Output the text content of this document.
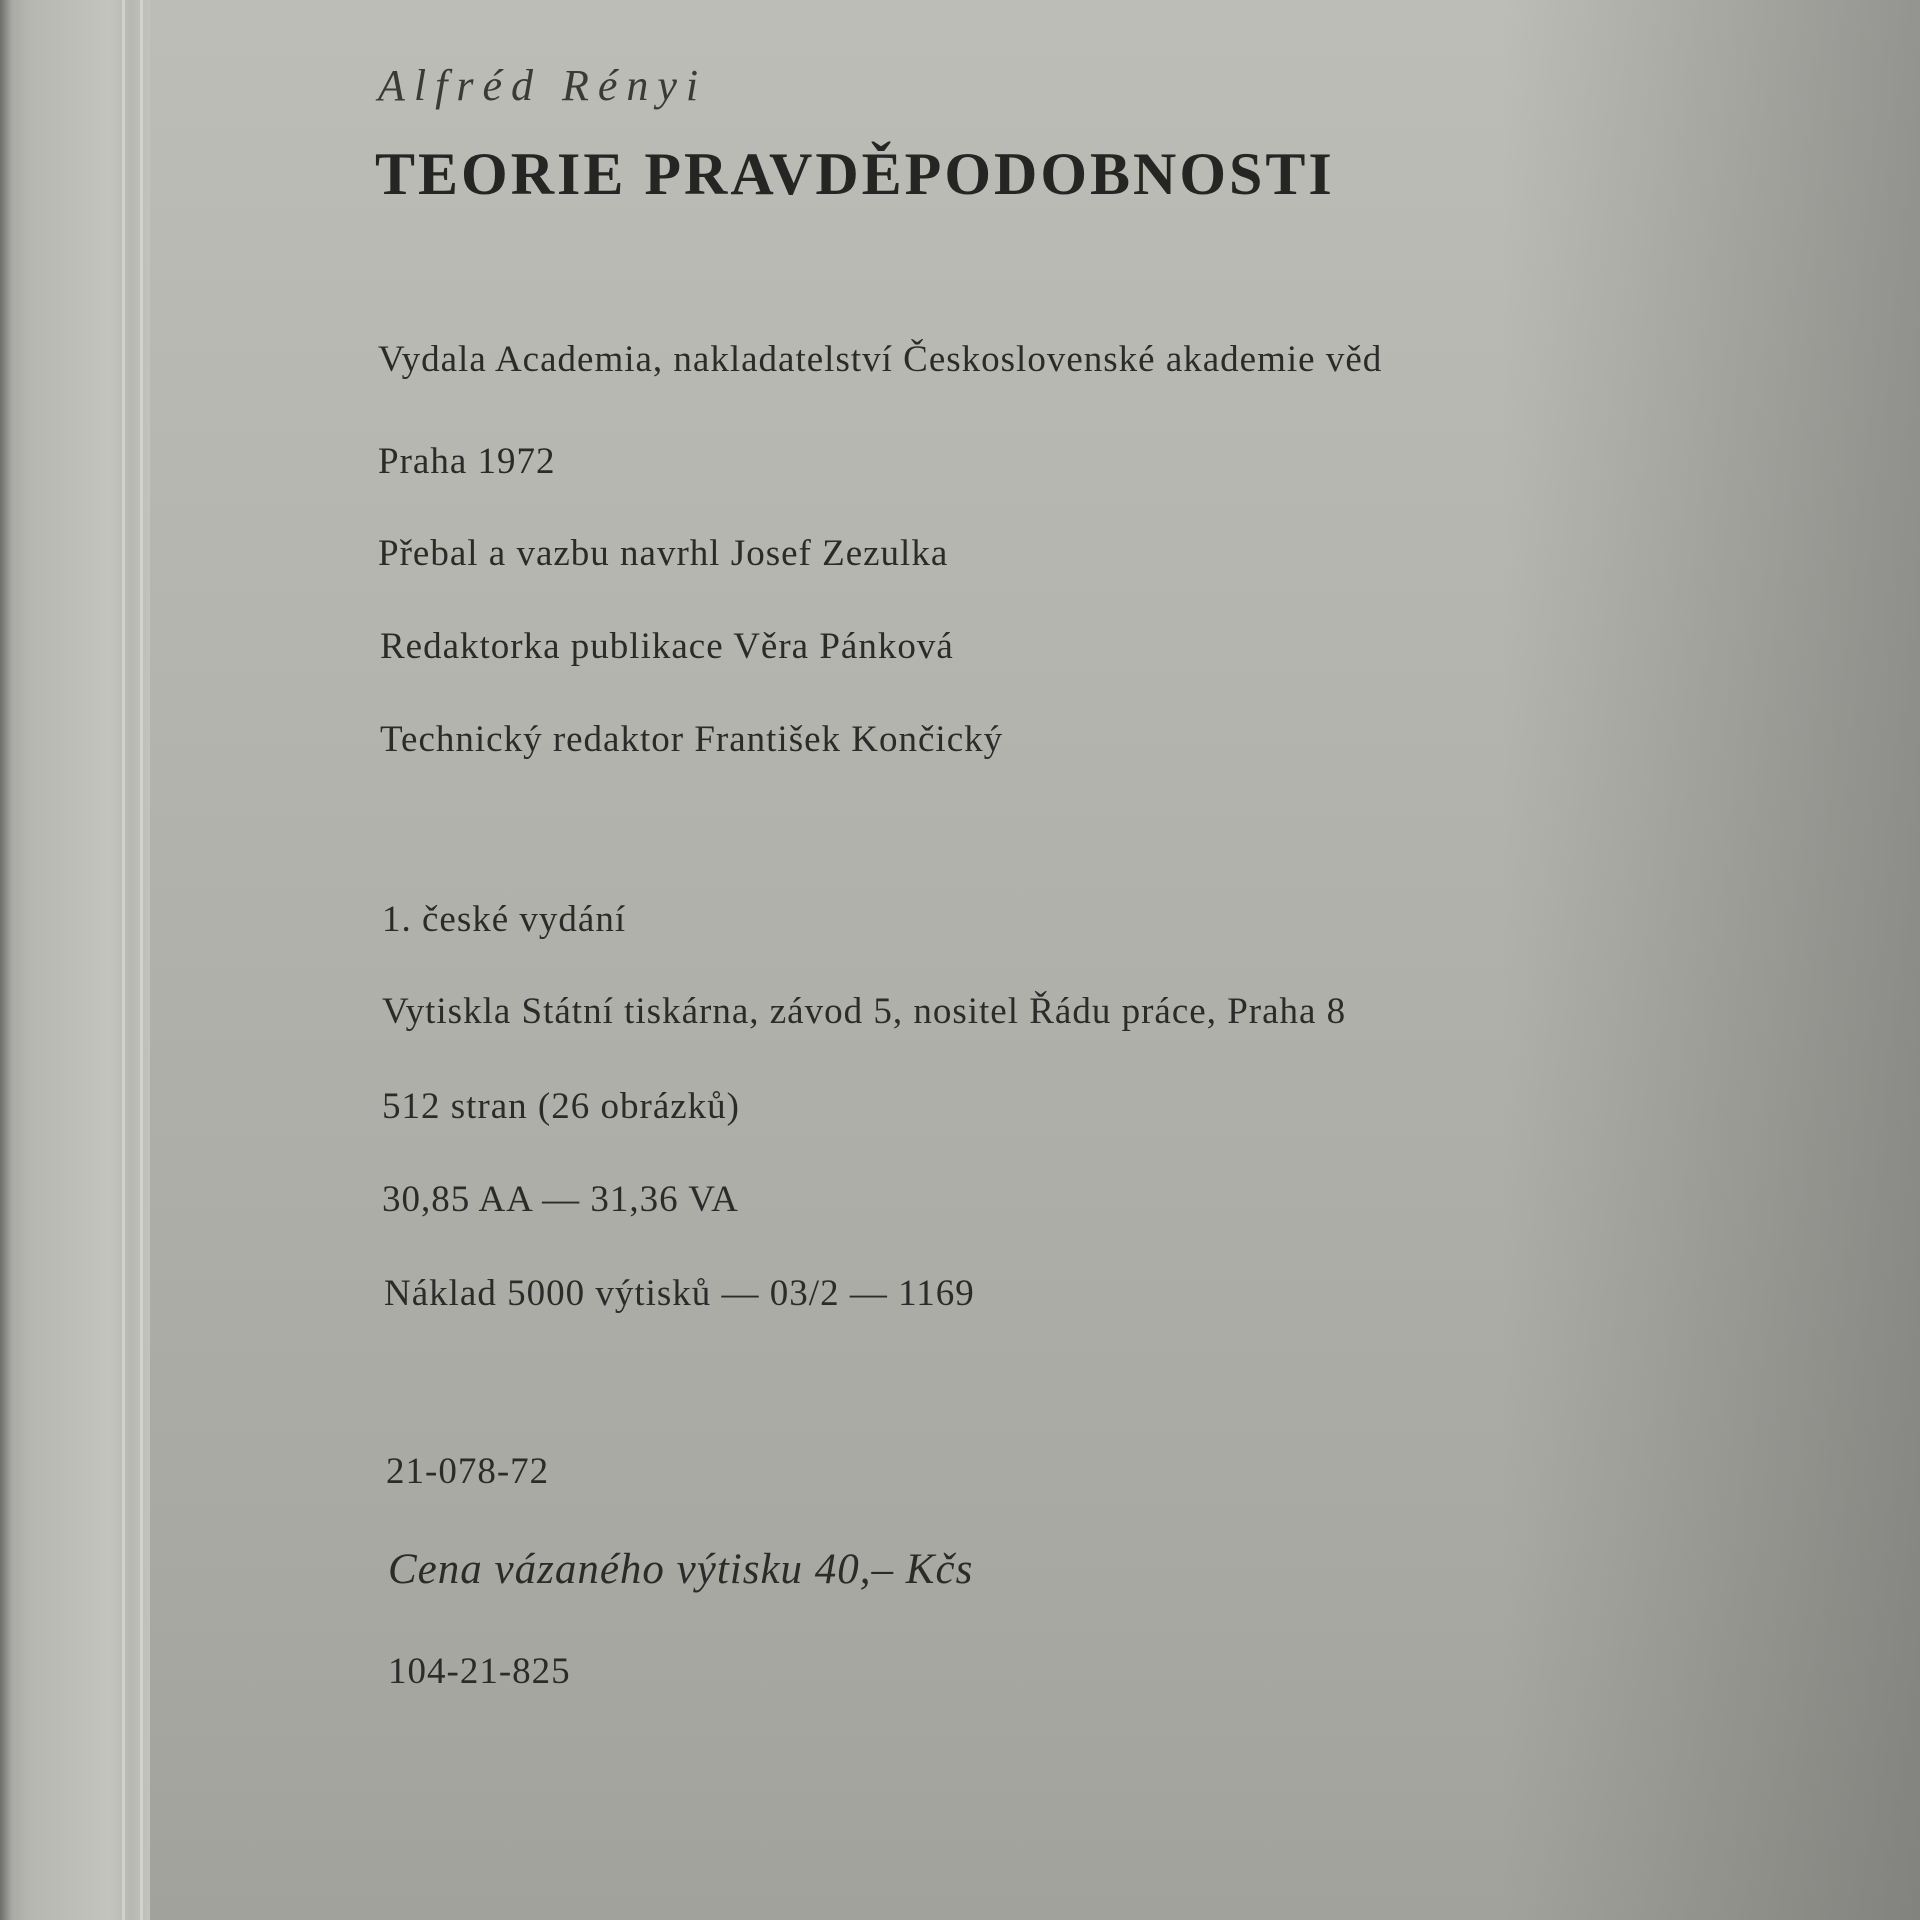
Alfréd Rényi
TEORIE PRAVDĚPODOBNOSTI
Vydala Academia, nakladatelství Československé akademie věd
Praha 1972
Přebal a vazbu navrhl Josef Zezulka
Redaktorka publikace Věra Pánková
Technický redaktor František Končický
1. české vydání
Vytiskla Státní tiskárna, závod 5, nositel Řádu práce, Praha 8
512 stran (26 obrázků)
30,85 AA — 31,36 VA
Náklad 5000 výtisků — 03/2 — 1169
21-078-72
Cena vázaného výtisku 40,– Kčs
104-21-825
